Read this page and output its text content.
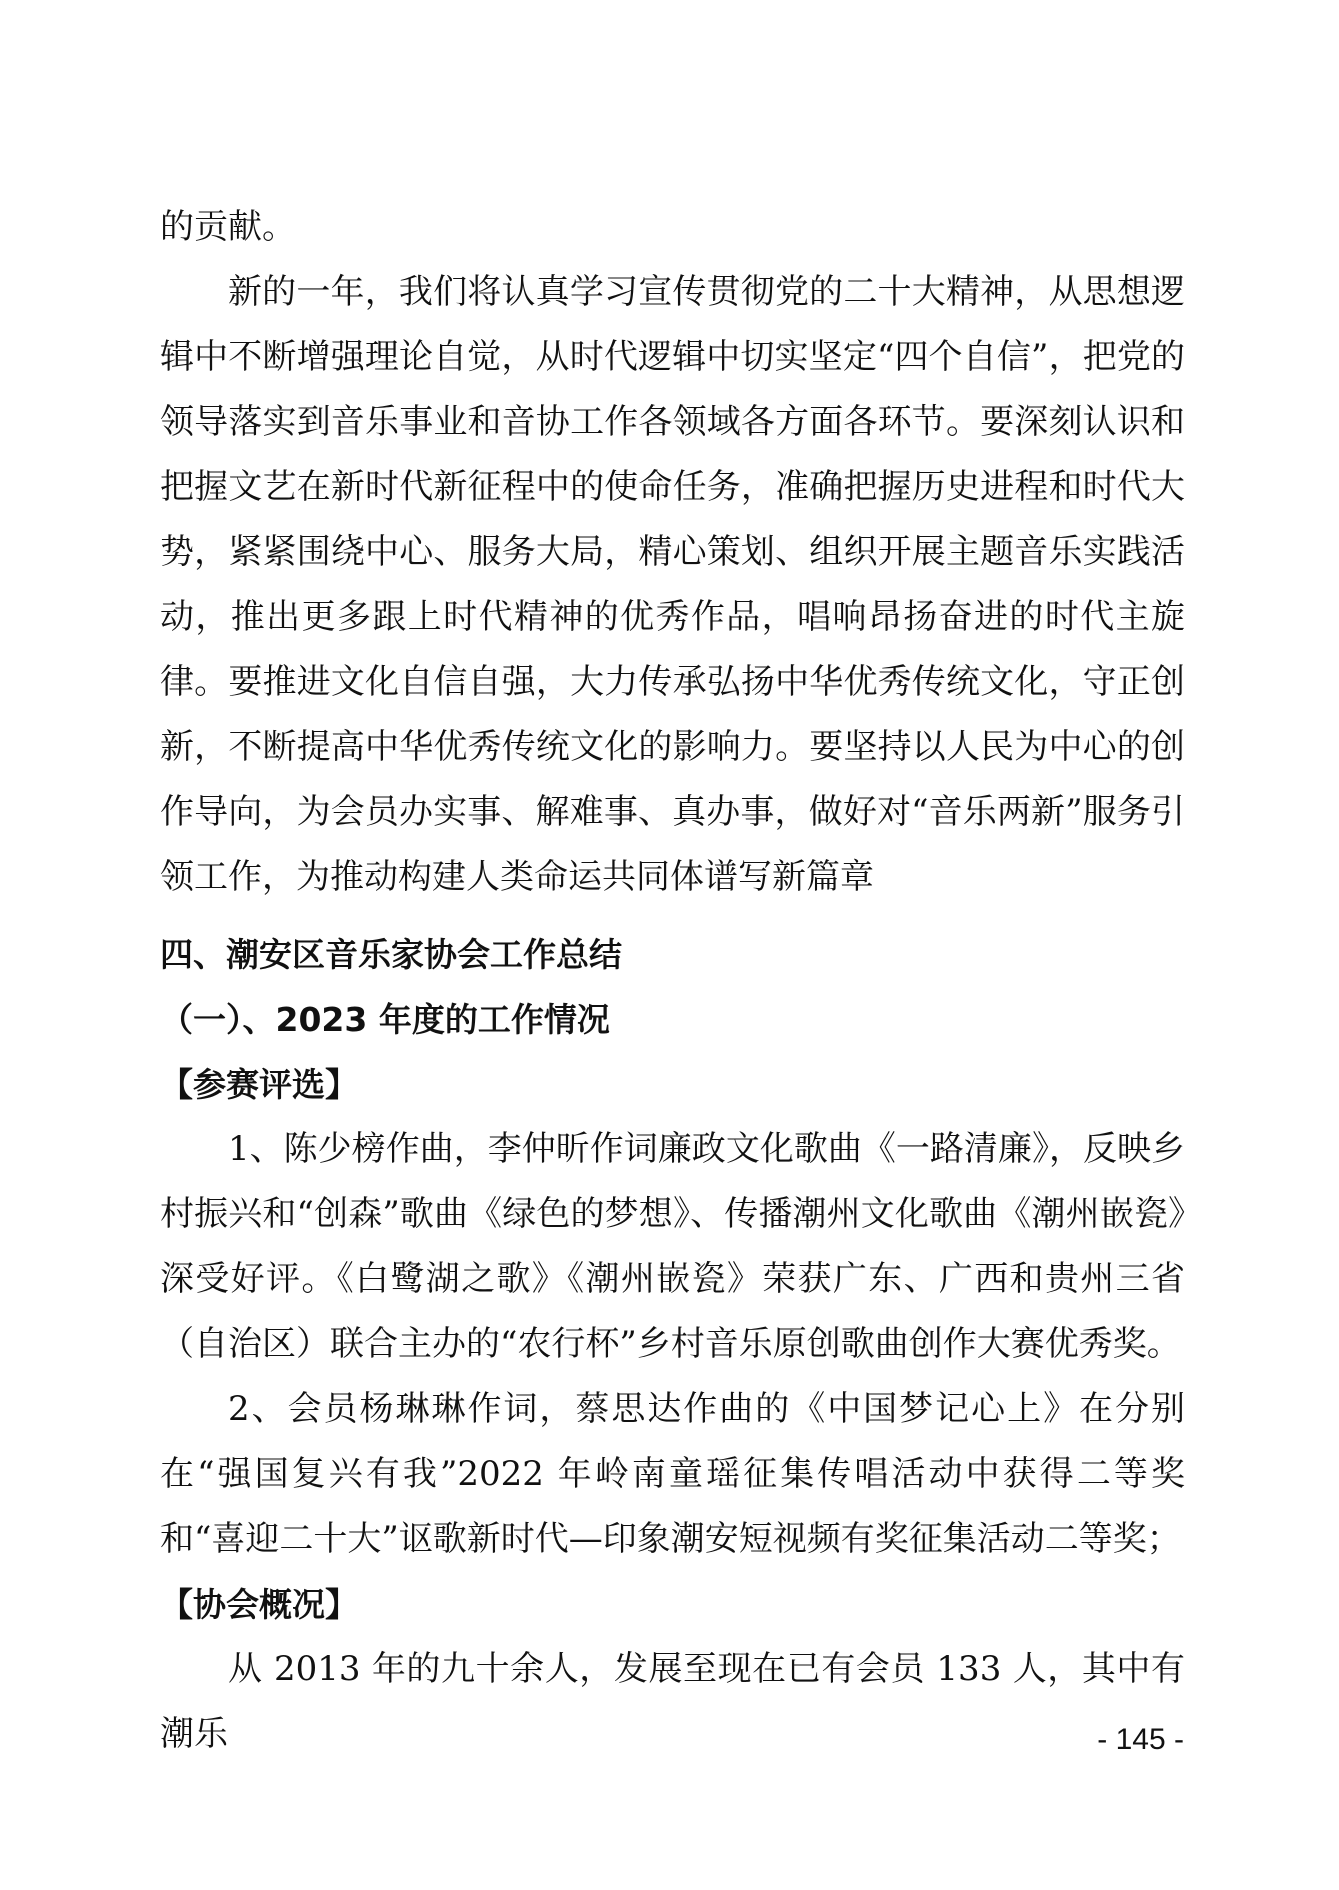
的贡献。

新的一年，我们将认真学习宣传贯彻党的二十大精神，从思想逻辑中不断增强理论自觉，从时代逻辑中切实坚定“四个自信”，把党的领导落实到音乐事业和音协工作各领域各方面各环节。要深刻认识和把握文艺在新时代新征程中的使命任务，准确把握历史进程和时代大势，紧紧围绕中心、服务大局，精心策划、组织开展主题音乐实践活动，推出更多跟上时代精神的优秀作品，唱响昂扬奋进的时代主旋律。要推进文化自信自强，大力传承弘扬中华优秀传统文化，守正创新，不断提高中华优秀传统文化的影响力。要坚持以人民为中心的创作导向，为会员办实事、解难事、真办事，做好对“音乐两新”服务引领工作，为推动构建人类命运共同体谱写新篇章

四、潮安区音乐家协会工作总结
（一）、2023 年度的工作情况
【参赛评选】

1、陈少榜作曲，李仲昕作词廉政文化歌曲《一路清廉》，反映乡村振兴和“创森”歌曲《绿色的梦想》、传播潮州文化歌曲《潮州嵌瓷》深受好评。《白鹭湖之歌》《潮州嵌瓷》荣获广东、广西和贵州三省（自治区）联合主办的“农行杯”乡村音乐原创歌曲创作大赛优秀奖。

2、会员杨琳琳作词，蔡思达作曲的《中国梦记心上》在分别在“强国复兴有我”2022 年岭南童瑶征集传唱活动中获得二等奖和“喜迎二十大”讴歌新时代—印象潮安短视频有奖征集活动二等奖；

【协会概况】

从 2013 年的九十余人，发展至现在已有会员 133 人，其中有潮乐	- 145 -
